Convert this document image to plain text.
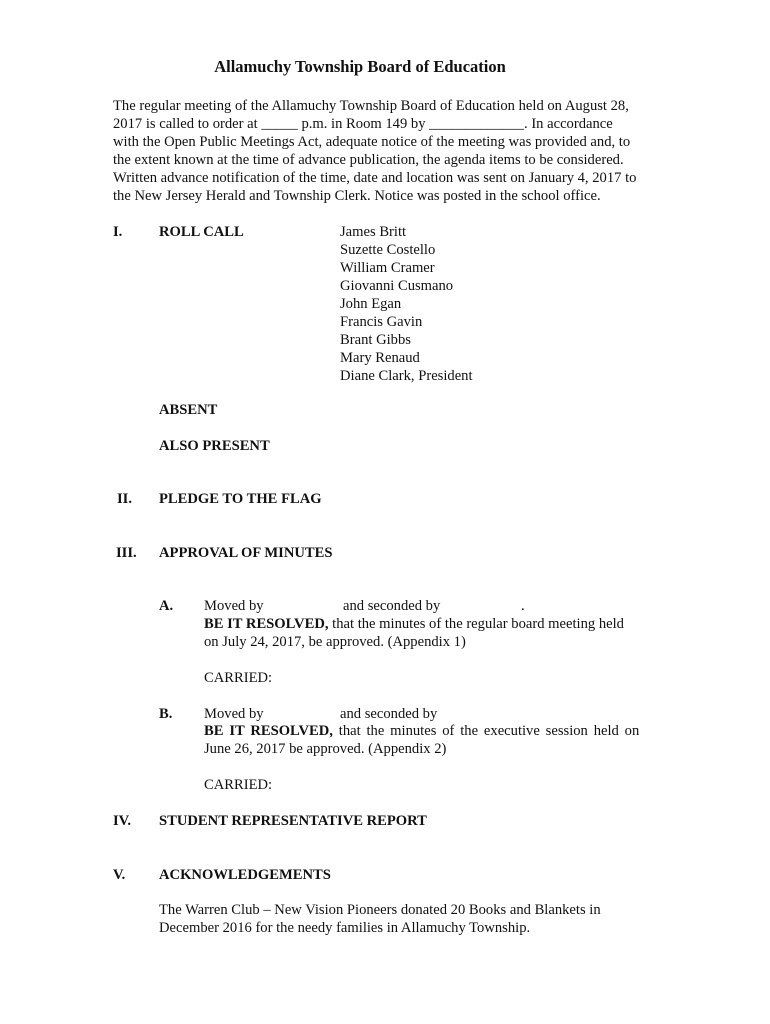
Allamuchy Township Board of Education
The regular meeting of the Allamuchy Township Board of Education held on August 28,
2017 is called to order at _____ p.m. in Room 149 by _____________. In accordance
with the Open Public Meetings Act, adequate notice of the meeting was provided and, to
the extent known at the time of advance publication, the agenda items to be considered.
Written advance notification of the time, date and location was sent on January 4, 2017 to
the New Jersey Herald and Township Clerk. Notice was posted in the school office.
I.	ROLL CALL	James Britt
Suzette Costello
William Cramer
Giovanni Cusmano
John Egan
Francis Gavin
Brant Gibbs
Mary Renaud
Diane Clark, President
ABSENT
ALSO PRESENT
II. PLEDGE TO THE FLAG
III. APPROVAL OF MINUTES
A. Moved by	and seconded by	.
BE IT RESOLVED, that the minutes of the regular board meeting held
on July 24, 2017, be approved. (Appendix 1)
CARRIED:
B. Moved by	and seconded by
BE IT RESOLVED, that the minutes of the executive session held on
June 26, 2017 be approved. (Appendix 2)
CARRIED:
IV. STUDENT REPRESENTATIVE REPORT
V. ACKNOWLEDGEMENTS
The Warren Club – New Vision Pioneers donated 20 Books and Blankets in
December 2016 for the needy families in Allamuchy Township.
